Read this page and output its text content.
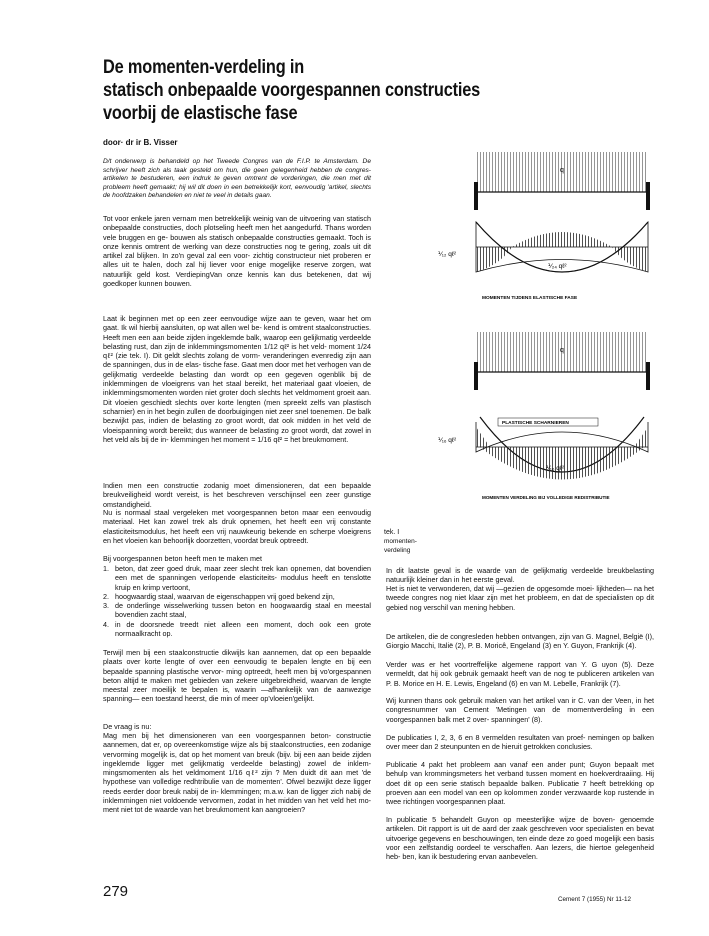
De momenten-verdeling in
statisch onbepaalde voorgespannen constructies
voorbij de elastische fase
door· dr ir B. Visser

D/t onderwerp is behandeld op het Tweede Congres van de F.I.P. te Amsterdam. De schrijver heeft zich als taak gesteld om hun, die geen gelegenheid hebben de congres-artikelen te bestuderen, een indruk te geven omtrent de vorderingen, die men met dit probleem heeft gemaakt; hij wil dit doen in een betrekkelijk kort, eenvoudig 'artikel, slechts de hoofdzaken behandelen en niet te veel in details gaan.

Tot voor enkele jaren vernam men betrekkelijk weinig van de uitvoering van statisch onbepaalde constructies, doch plotseling heeft men het aangedurfd. Thans worden vele bruggen en ge- bouwen als statisch onbepaalde constructies gemaakt. Toch is onze kennis omtrent de werking van deze constructies nog te gering, zoals uit dit artikel zal blijken. In zo'n geval zal een voor- zichtig constructeur niet proberen er alles uit te halen, doch zal hij liever voor enige mogelijke reserve zorgen, wat natuurlijk geld kost. VerdiepingVan onze kennis kan dus betekenen, dat wij goedkoper kunnen bouwen.

Laat ik beginnen met op een zeer eenvoudige wijze aan te geven, waar het om gaat. Ik wil hierbij aansluiten, op wat allen wel be- kend is omtrent staalconstructies. Heeft men een aan beide zijden ingeklemde balk, waarop een gelijkmatig verdeelde belasting rust, dan zijn de inklemmingsmomenten 1/12 qℓ² is het veld- moment 1/24 qℓ² (zie tek. I). Dit geldt slechts zolang de vorm- veranderingen evenredig zijn aan de spanningen, dus in de elas- tische fase. Gaat men door met het verhogen van de gelijkmatig verdeelde belasting dan wordt op een gegeven ogenblik bij de inklemmingen de vloeigrens van het staal bereikt, het materiaal gaat vloeien, de inklemmingsmomenten worden niet groter doch slechts het veldmoment groeit aan. Dit vloeien geschiedt slechts over korte lengten (men spreekt zelfs van plastisch scharnier) en in het begin zullen de doorbuigingen niet zeer snel toenemen. De balk bezwijkt pas, indien de belasting zo groot wordt, dat ook midden in het veld de vloeispanning wordt bereikt; dus wanneer de belasting zo groot wordt, dat zowel in het veld als bij de in- klemmingen het moment = 1/16 qℓ² = het breukmoment.

Indien men een constructie zodanig moet dimensioneren, dat een bepaalde breukveiligheid wordt vereist, is het beschreven verschijnsel een zeer gunstige omstandigheid.

Nu is normaal staal vergeleken met voorgespannen beton maar een eenvoudig materiaal. Het kan zowel trek als druk opnemen, het heeft een vrij constante elasticiteitsmodulus, het heeft een vrij nauwkeurig bekende en scherpe vloeigrens en het vloeien kan behoorlijk doorzetten, voordat breuk optreedt.

Bij voorgespannen beton heeft men te maken met

1. beton, dat zeer goed druk, maar zeer slecht trek kan opnemen, dat bovendien een met de spanningen verlopende elasticiteits- modulus heeft en tenslotte kruip en krimp vertoont,
2. hoogwaardig staal, waarvan de eigenschappen vrij goed bekend zijn,
3. de onderlinge wisselwerking tussen beton en hoogwaardig staal en meestal bovendien zacht staal,
4. in de doorsnede treedt niet alleen een moment, doch ook een grote normaalkracht op.

Terwijl men bij een staalconstructie dikwijls kan aannemen, dat op een bepaalde plaats over korte lengte of over een eenvoudig te bepalen lengte en bij een bepaalde spanning plastische vervor- ming optreedt, heeft men bij vo'orgespannen beton altijd te maken met gebieden van zekere uitgebreidheid, waarvan de lengte meestal zeer moeilijk te bepalen is, waarin —afhankelijk van de aanwezige spanning— een toestand heerst, die min of meer op'vloeien'gelijkt.

De vraag is nu:

Mag men bij het dimensioneren van een voorgespannen beton- constructie aannemen, dat er, op overeenkomstige wijze als bij staalconstructies, een zodanige vervorming mogelijk is, dat op het moment van breuk (bijv. bij een aan beide zijden ingeklemde ligger met gelijkmatig verdeelde belasting) zowel de inklem- mingsmomenten als het veldmoment 1/16 qℓ² zijn ? Men duidt dit aan met 'de hypothese van volledige redhtribulie van de momenten'. Ofwel bezwijkt deze ligger reeds eerder door breuk nabij de in- klemmingen; m.a.w. kan de ligger zich nabij de inklemmingen niet voldoende vervormen, zodat in het midden van het veld het mo- ment niet tot de waarde van het breukmoment kan aangroeien?

q
⅟₁₂ qℓ²
⅟₂₄ qℓ²
MOMENTEN TIJDENS ELASTISCHE FASE
q
PLASTISCHE SCHARNIEREN
⅟₁₆ qℓ²
⅟₁₆ qℓ²
MOMENTEN VERDELING BIJ VOLLEDIGE REDISTRIBUTIE
tek. I
momenten-
verdeling

In dit laatste geval is de waarde van de gelijkmatig verdeelde breukbelasting natuurlijk kleiner dan in het eerste geval.

Het is niet te verwonderen, dat wij —gezien de opgesomde moei- lijkheden— na het tweede congres nog niet klaar zijn met het probleem, en dat de specialisten op dit gebied nog verschil van mening hebben.

De artikelen, die de congresleden hebben ontvangen, zijn van G. Magnel, België (I), Giorgio Macchi, Italië (2), P. B. Moricê, Engeland (3) en Y. Guyon, Frankrijk (4).

Verder was er het voortreffelijke algemene rapport van Y. G uyon (5). Deze vermeldt, dat hij ook gebruik gemaakt heeft van de nog te publiceren artikelen van P. B. Morice en H. E. Lewis, Engeland (6) en van M. Lebelle, Frankrijk (7).

Wij kunnen thans ook gebruik maken van het artikel van ir C. van der Veen, in het congresnummer van Cement 'Metingen van de momentverdeling in een voorgespannen balk met 2 over- spanningen' (8).

De publicaties I, 2, 3, 6 en 8 vermelden resultaten van proef- nemingen op balken over meer dan 2 steunpunten en de hieruit getrokken conclusies.

Publicatie 4 pakt het probleem aan vanaf een ander punt; Guyon bepaalt met behulp van krommingsmeters het verband tussen moment en hoekverdraaiing. Hij doet dit op een serie statisch bepaalde balken. Publicatie 7 heeft betrekking op proeven aan een model van een op kolommen zonder verzwaarde kop rustende in twee richtingen voorgespannen plaat.

In publicatie 5 behandelt Guyon op meesterlijke wijze de boven- genoemde artikelen. Dit rapport is uit de aard der zaak geschreven voor specialisten en bevat uitvoerige gegevens en beschouwingen, ten einde deze zo goed mogelijk een basis voor een zelfstandig oordeel te verschaffen. Aan lezers, die hiertoe gelegenheid heb- ben, kan ik bestudering ervan aanbevelen.

279	Cement 7 (1955) Nr 11-12
